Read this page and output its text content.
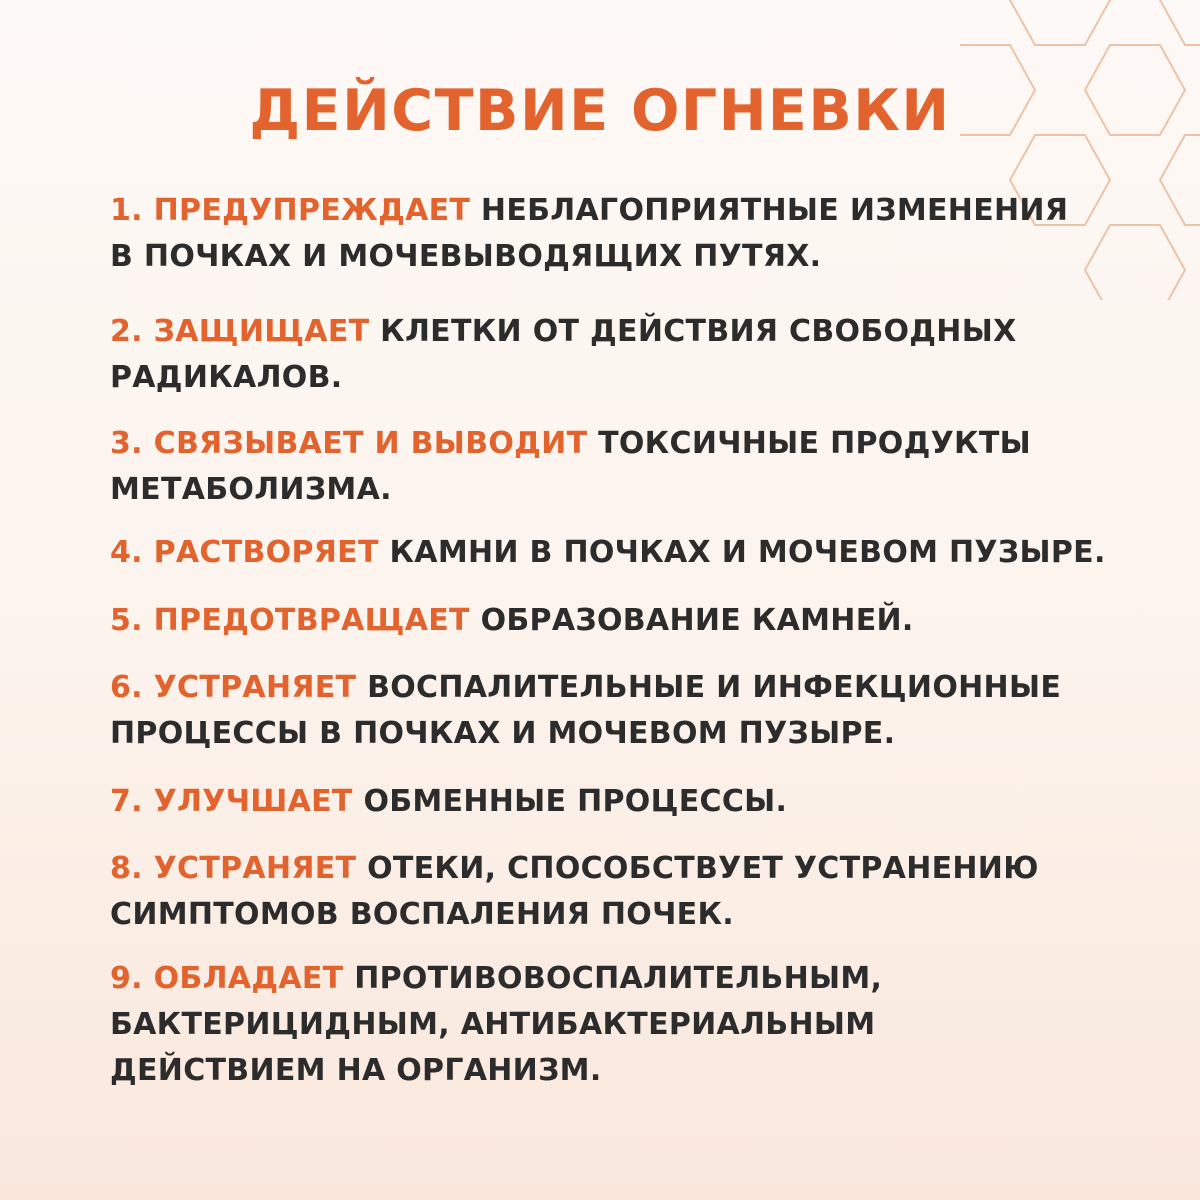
ДЕЙСТВИЕ ОГНЕВКИ
1. ПРЕДУПРЕЖДАЕТ НЕБЛАГОПРИЯТНЫЕ ИЗМЕНЕНИЯ
В ПОЧКАХ И МОЧЕВЫВОДЯЩИХ ПУТЯХ.
2. ЗАЩИЩАЕТ КЛЕТКИ ОТ ДЕЙСТВИЯ СВОБОДНЫХ
РАДИКАЛОВ.
3. СВЯЗЫВАЕТ И ВЫВОДИТ ТОКСИЧНЫЕ ПРОДУКТЫ
МЕТАБОЛИЗМА.
4. РАСТВОРЯЕТ КАМНИ В ПОЧКАХ И МОЧЕВОМ ПУЗЫРЕ.
5. ПРЕДОТВРАЩАЕТ ОБРАЗОВАНИЕ КАМНЕЙ.
6. УСТРАНЯЕТ ВОСПАЛИТЕЛЬНЫЕ И ИНФЕКЦИОННЫЕ
ПРОЦЕССЫ В ПОЧКАХ И МОЧЕВОМ ПУЗЫРЕ.
7. УЛУЧШАЕТ ОБМЕННЫЕ ПРОЦЕССЫ.
8. УСТРАНЯЕТ ОТЕКИ, СПОСОБСТВУЕТ УСТРАНЕНИЮ
СИМПТОМОВ ВОСПАЛЕНИЯ ПОЧЕК.
9. ОБЛАДАЕТ ПРОТИВОВОСПАЛИТЕЛЬНЫМ,
БАКТЕРИЦИДНЫМ, АНТИБАКТЕРИАЛЬНЫМ
ДЕЙСТВИЕМ НА ОРГАНИЗМ.
